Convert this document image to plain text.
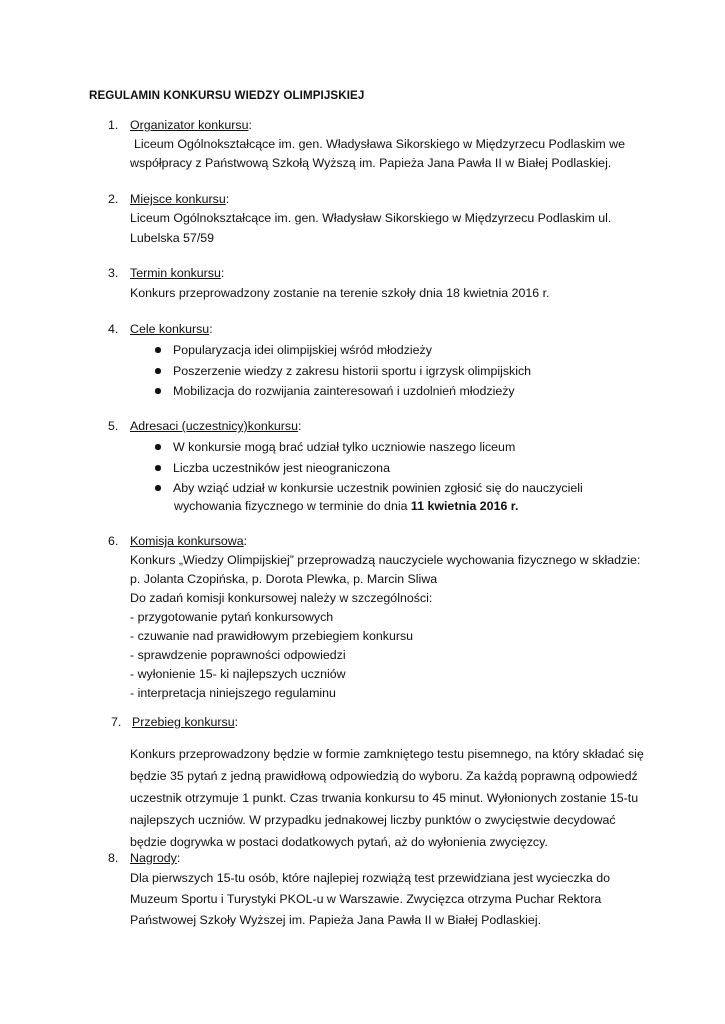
REGULAMIN KONKURSU WIEDZY OLIMPIJSKIEJ
1. Organizator konkursu:
Liceum Ogólnokształcące im. gen. Władysława Sikorskiego w Międzyrzecu Podlaskim we
współpracy z Państwową Szkołą Wyższą im. Papieża Jana Pawła II w Białej Podlaskiej.
2. Miejsce konkursu:
Liceum Ogólnokształcące im. gen. Władysław Sikorskiego w Międzyrzecu Podlaskim ul.
Lubelska 57/59
3. Termin konkursu:
Konkurs przeprowadzony zostanie na terenie szkoły dnia 18 kwietnia 2016 r.
4. Cele konkursu:
Popularyzacja idei olimpijskiej wśród młodzieży
Poszerzenie wiedzy z zakresu historii sportu i igrzysk olimpijskich
Mobilizacja do rozwijania zainteresowań i uzdolnień młodzieży
5. Adresaci (uczestnicy)konkursu:
W konkursie mogą brać udział tylko uczniowie naszego liceum
Liczba uczestników jest nieograniczona
Aby wziąć udział w konkursie uczestnik powinien zgłosić się do nauczycieli
wychowania fizycznego w terminie do dnia 11 kwietnia 2016 r.
6. Komisja konkursowa:
Konkurs „Wiedzy Olimpijskiej” przeprowadzą nauczyciele wychowania fizycznego w składzie:
p. Jolanta Czopińska, p. Dorota Plewka, p. Marcin Sliwa
Do zadań komisji konkursowej należy w szczególności:
- przygotowanie pytań konkursowych
- czuwanie nad prawidłowym przebiegiem konkursu
- sprawdzenie poprawności odpowiedzi
- wyłonienie 15- ki najlepszych uczniów
- interpretacja niniejszego regulaminu
7. Przebieg konkursu:
Konkurs przeprowadzony będzie w formie zamkniętego testu pisemnego, na który składać się
będzie 35 pytań z jedną prawidłową odpowiedzią do wyboru. Za każdą poprawną odpowiedź
uczestnik otrzymuje 1 punkt. Czas trwania konkursu to 45 minut. Wyłonionych zostanie 15-tu
najlepszych uczniów. W przypadku jednakowej liczby punktów o zwycięstwie decydować
będzie dogrywka w postaci dodatkowych pytań, aż do wyłonienia zwycięzcy.
8. Nagrody:
Dla pierwszych 15-tu osób, które najlepiej rozwiążą test przewidziana jest wycieczka do
Muzeum Sportu i Turystyki PKOL-u w Warszawie. Zwycięzca otrzyma Puchar Rektora
Państwowej Szkoły Wyższej im. Papieża Jana Pawła II w Białej Podlaskiej.
